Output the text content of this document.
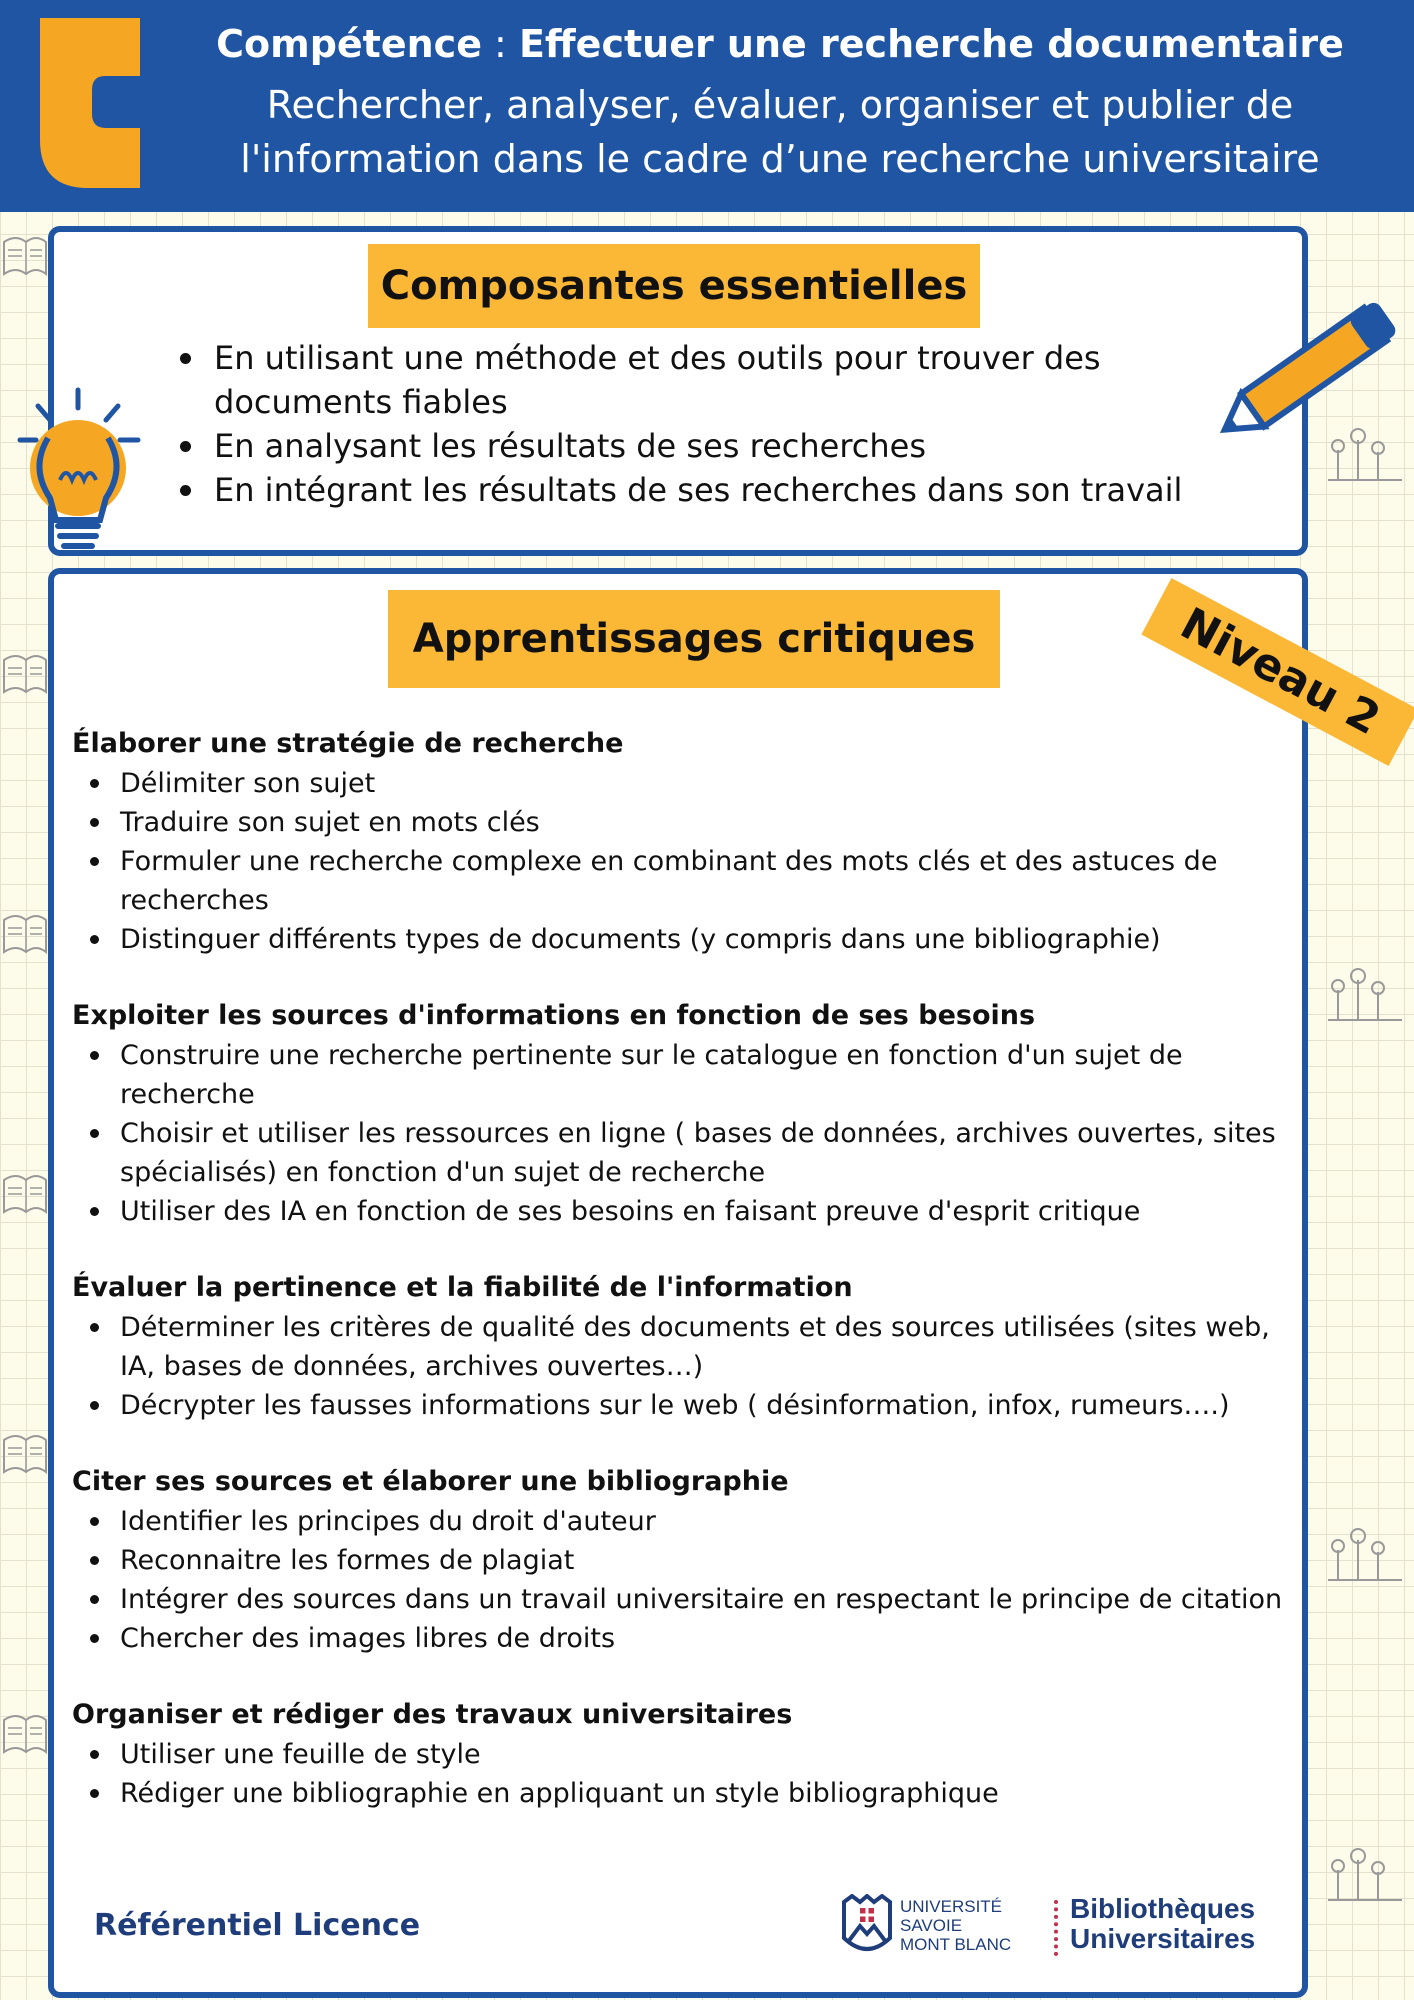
Compétence : Effectuer une recherche documentaire
Rechercher, analyser, évaluer, organiser et publier de
l'information dans le cadre d’une recherche universitaire
Composantes essentielles
En utilisant une méthode et des outils pour trouver des documents fiables
En analysant les résultats de ses recherches
En intégrant les résultats de ses recherches dans son travail
Apprentissages critiques
Élaborer une stratégie de recherche
Délimiter son sujet
Traduire son sujet en mots clés
Formuler une recherche complexe en combinant des mots clés et des astuces de recherches
Distinguer différents types de documents (y compris dans une bibliographie)
Exploiter les sources d'informations en fonction de ses besoins
Construire une recherche pertinente sur le catalogue en fonction d'un sujet de recherche
Choisir et utiliser les ressources en ligne ( bases de données, archives ouvertes, sites spécialisés) en fonction d'un sujet de recherche
Utiliser des IA en fonction de ses besoins en faisant preuve d'esprit critique
Évaluer la pertinence et la fiabilité de l'information
Déterminer les critères de qualité des documents et des sources utilisées (sites web, IA, bases de données, archives ouvertes…)
Décrypter les fausses informations sur le web ( désinformation, infox, rumeurs….)
Citer ses sources et élaborer une bibliographie
Identifier les principes du droit d'auteur
Reconnaitre les formes de plagiat
Intégrer des sources dans un travail universitaire en respectant le principe de citation
Chercher des images libres de droits
Organiser et rédiger des travaux universitaires
Utiliser une feuille de style
Rédiger une bibliographie en appliquant un style bibliographique
Référentiel Licence
UNIVERSITÉ
SAVOIE
MONT BLANC
Bibliothèques
Universitaires
Niveau 2
